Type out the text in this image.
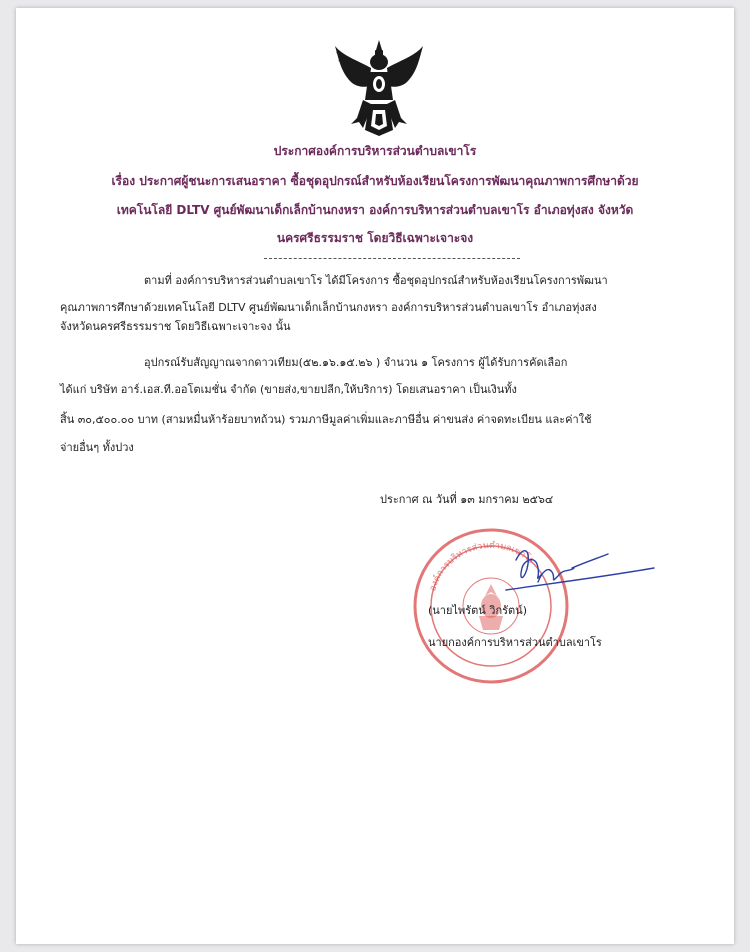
ประกาศองค์การบริหารส่วนตำบลเขาโร
เรื่อง ประกาศผู้ชนะการเสนอราคา ซื้อชุดอุปกรณ์สำหรับห้องเรียนโครงการพัฒนาคุณภาพการศึกษาด้วย
เทคโนโลยี DLTV ศูนย์พัฒนาเด็กเล็กบ้านกงหรา องค์การบริหารส่วนตำบลเขาโร อำเภอทุ่งสง จังหวัด
นครศรีธรรมราช โดยวิธีเฉพาะเจาะจง
ตามที่ องค์การบริหารส่วนตำบลเขาโร ได้มีโครงการ ซื้อชุดอุปกรณ์สำหรับห้องเรียนโครงการพัฒนา
คุณภาพการศึกษาด้วยเทคโนโลยี DLTV ศูนย์พัฒนาเด็กเล็กบ้านกงหรา องค์การบริหารส่วนตำบลเขาโร อำเภอทุ่งสง
จังหวัดนครศรีธรรมราช โดยวิธีเฉพาะเจาะจง นั้น
อุปกรณ์รับสัญญาณจากดาวเทียม(๕๒.๑๖.๑๕.๒๖ ) จำนวน ๑ โครงการ ผู้ได้รับการคัดเลือก
ได้แก่ บริษัท อาร์.เอส.ที.ออโตเมชั่น จำกัด (ขายส่ง,ขายปลีก,ให้บริการ) โดยเสนอราคา เป็นเงินทั้ง
สิ้น ๓๐,๕๐๐.๐๐ บาท (สามหมื่นห้าร้อยบาทถ้วน) รวมภาษีมูลค่าเพิ่มและภาษีอื่น ค่าขนส่ง ค่าจดทะเบียน และค่าใช้
จ่ายอื่นๆ ทั้งปวง
ประกาศ ณ วันที่ ๑๓ มกราคม ๒๕๖๔
องค์การบริหารส่วนตำบลเขาโร
(นายไพรัตน์ วิกรัตน์)
นายกองค์การบริหารส่วนตำบลเขาโร
